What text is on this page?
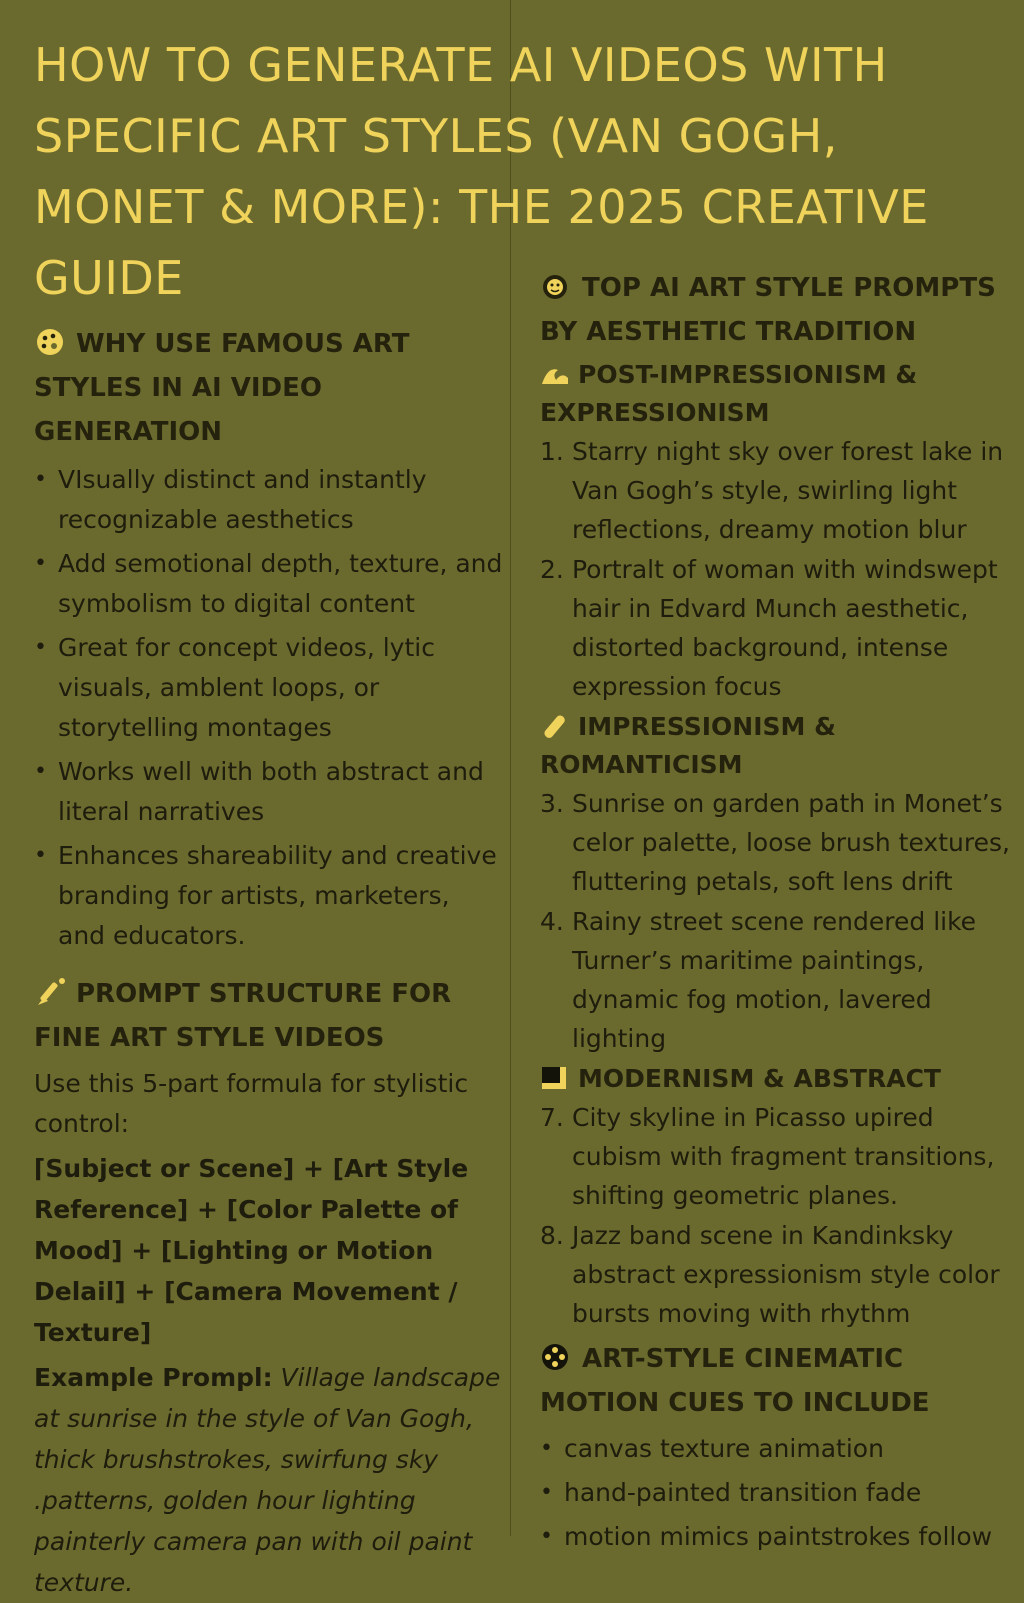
HOW TO GENERATE AI VIDEOS WITH SPECIFIC ART STYLES (VAN GOGH, MONET & MORE): THE 2025 CREATIVE GUIDE
WHY USE FAMOUS ART STYLES IN AI VIDEO GENERATION
• VIsually distinct and instantly recognizable aesthetics
• Add semotional depth, texture, and symbolism to digital content
• Great for concept videos, lytic visuals, amblent loops, or storytelling montages
• Works well with both abstract and literal narratives
• Enhances shareability and creative branding for artists, marketers, and educators.
PROMPT STRUCTURE FOR FINE ART STYLE VIDEOS

Use this 5-part formula for stylistic control:

⌈Subject or Scene] + [Art Style Reference] + [Color Palette of Mood] + [Lighting or Motion Delail] + [Camera Movement / Texture]
Example Prompl: Village landscape at sunrise in the style of Van Gogh, thick brushstrokes, swirfung sky .patterns, golden hour lighting painterly camera pan with oil paint texture.
TOP AI ART STYLE PROMPTS BY AESTHETIC TRADITION
POST-IMPRESSIONISM & EXPRESSIONISM
1. Starry night sky over forest lake in Van Gogh’s style, swirling light reflections, dreamy motion blur
2. Portralt of woman with windswept hair in Edvard Munch aesthetic, distorted background, intense expression focus
IMPRESSIONISM & ROMANTICISM
3. Sunrise on garden path in Monet’s celor palette, loose brush textures, fluttering petals, soft lens drift
4. Rainy street scene rendered like Turner’s maritime paintings, dynamic fog motion, lavered lighting
MODERNISM & ABSTRACT
7. City skyline in Picasso upired cubism with fragment transitions, shifting geometric planes.
8. Jazz band scene in Kandinksky abstract expressionism style color bursts moving with rhythm
ART-STYLE CINEMATIC MOTION CUES TO INCLUDE
• canvas texture animation
• hand-painted transition fade
• motion mimics paintstrokes follow
